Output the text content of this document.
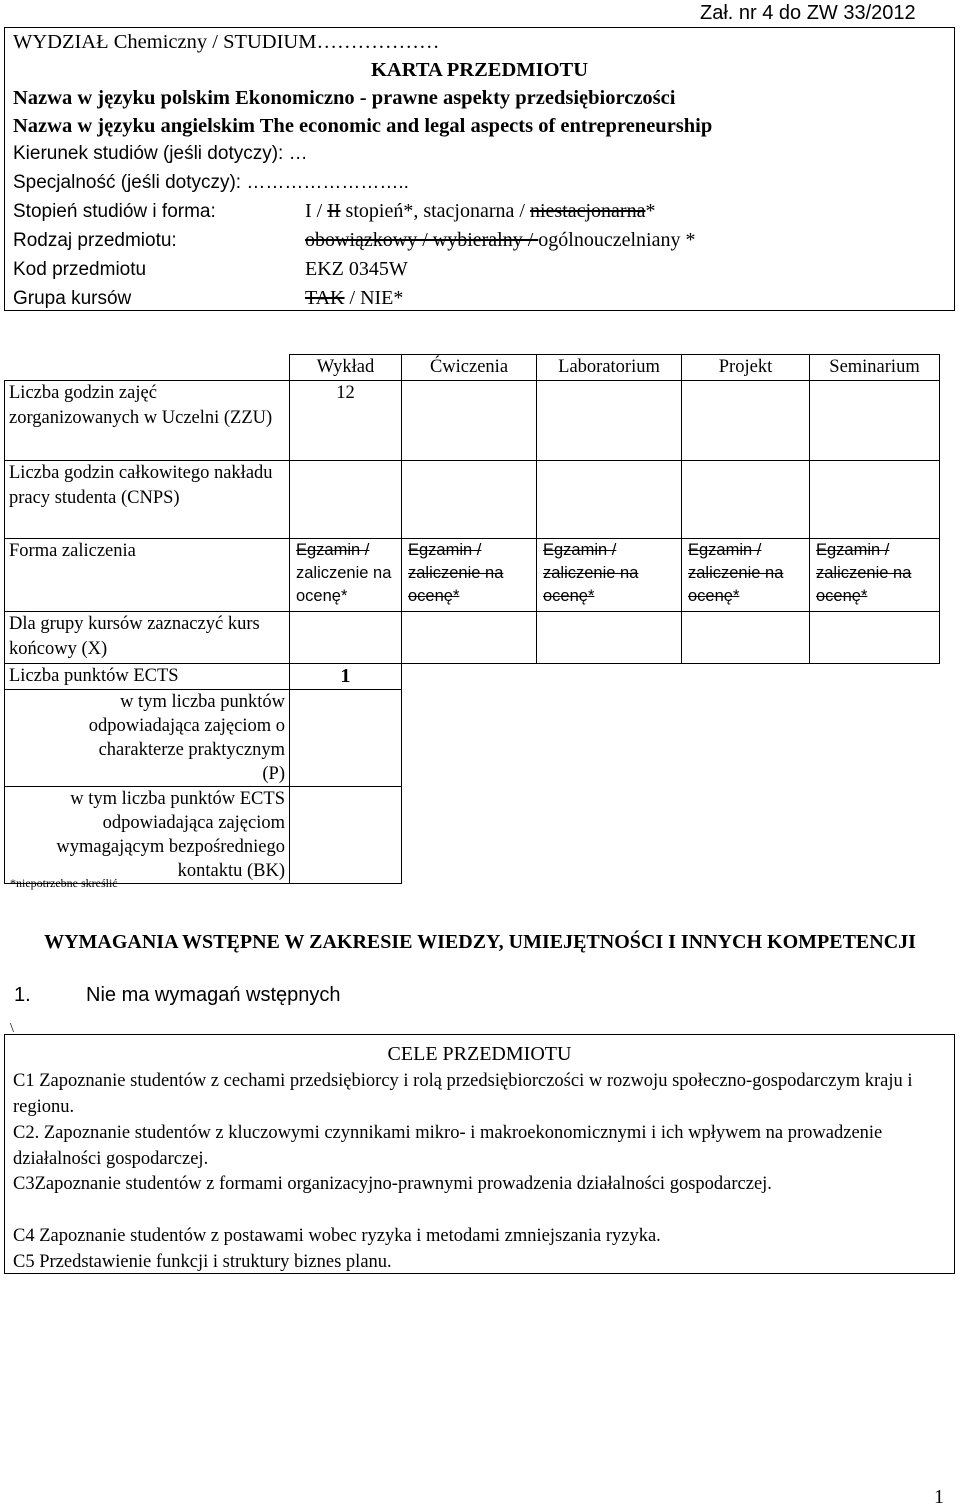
Zał. nr 4 do ZW 33/2012
WYDZIAŁ Chemiczny / STUDIUM………………
KARTA PRZEDMIOTU
Nazwa w języku polskim Ekonomiczno - prawne aspekty przedsiębiorczości
Nazwa w języku angielskim The economic and legal aspects of entrepreneurship
Kierunek studiów (jeśli dotyczy): …
Specjalność (jeśli dotyczy): ……………………..
Stopień studiów i forma:	I / II stopień*, stacjonarna / niestacjonarna*
Rodzaj przedmiotu:	obowiązkowy / wybieralny / ogólnouczelniany *
Kod przedmiotu	EKZ 0345W
Grupa kursów	TAK / NIE*
	Wykład	Ćwiczenia	Laboratorium	Projekt	Seminarium
Liczba godzin zajęć zorganizowanych w Uczelni (ZZU)	12				
Liczba godzin całkowitego nakładu pracy studenta (CNPS)					
Forma zaliczenia	Egzamin / zaliczenie na ocenę*	Egzamin / zaliczenie na ocenę*	Egzamin / zaliczenie na ocenę*	Egzamin / zaliczenie na ocenę*	Egzamin / zaliczenie na ocenę*
Dla grupy kursów zaznaczyć kurs końcowy (X)					
Liczba punktów ECTS	1				
w tym liczba punktów odpowiadająca zajęciom o charakterze praktycznym (P)					
w tym liczba punktów ECTS odpowiadająca zajęciom wymagającym bezpośredniego kontaktu (BK)					
*niepotrzebne skreślić
WYMAGANIA WSTĘPNE W ZAKRESIE WIEDZY, UMIEJĘTNOŚCI I INNYCH KOMPETENCJI
1.	Nie ma wymagań wstępnych
\
CELE PRZEDMIOTU
C1 Zapoznanie studentów z cechami przedsiębiorcy i rolą przedsiębiorczości w rozwoju społeczno-gospodarczym kraju i regionu.
C2. Zapoznanie studentów z kluczowymi czynnikami mikro- i makroekonomicznymi i ich wpływem na prowadzenie działalności gospodarczej.
C3Zapoznanie studentów z formami organizacyjno-prawnymi prowadzenia działalności gospodarczej.
C4 Zapoznanie studentów z postawami wobec ryzyka i metodami zmniejszania ryzyka.
C5 Przedstawienie funkcji i struktury biznes planu.
1
